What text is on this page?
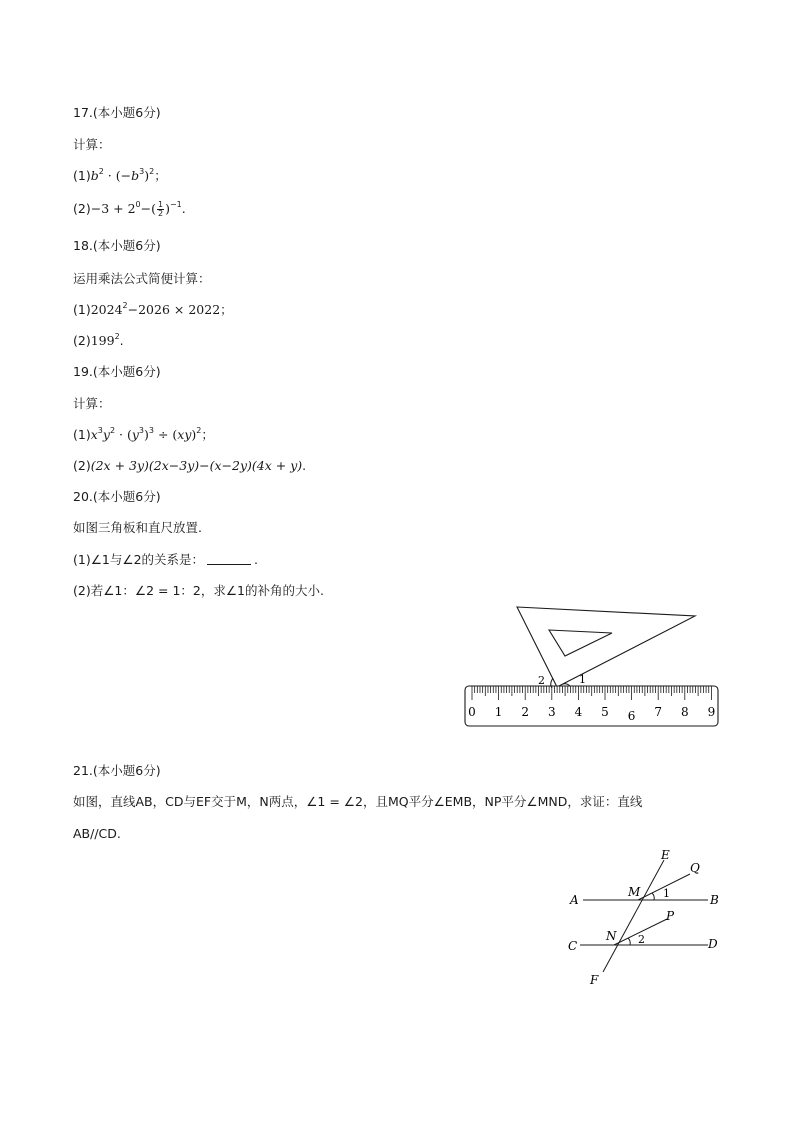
17.(本小题6分)
计算：
$(1)b^2 \cdot (-b^3)^2$；
$(2)-3 + 2^0-( \frac{1}{2} )^{-1}$.
18.(本小题6分)
运用乘法公式简便计算：
$(1)2024^2-2026 \times 2022$；
$(2)199^2$.
19.(本小题6分)
计算：
$(1)x^3y^2 \cdot (y^3)^3 \div (xy)^2$；
(2)(2x + 3y)(2x−3y)−(x−2y)(4x + y).
20.(本小题6分)
如图三角板和直尺放置.
(1)∠1与∠2的关系是：	.
(2)若∠1：∠2 = 1：2，求∠1的补角的大小.
0 1 2 3 4 5 6 7 8 9
2	1
21.(本小题6分)
如图，直线AB，CD与EF交于M，N两点，∠1 = ∠2，且MQ平分∠EMB，NP平分∠MND，求证：直线
AB//CD.
E
Q
A
M 1	B
P
N 2
C	D
F
